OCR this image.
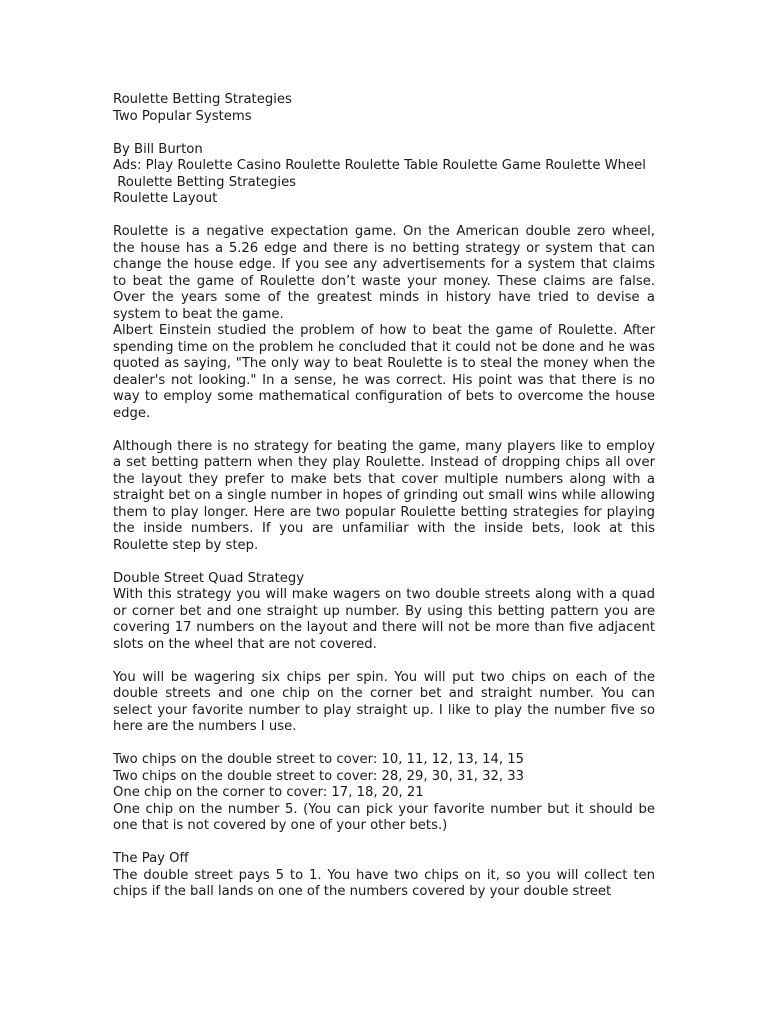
Roulette Betting Strategies
Two Popular Systems
By Bill Burton

Ads: Play Roulette Casino Roulette Roulette Table Roulette Game Roulette Wheel

Roulette Betting Strategies
Roulette Layout

Roulette is a negative expectation game. On the American double zero wheel, the house has a 5.26 edge and there is no betting strategy or system that can change the house edge. If you see any advertisements for a system that claims to beat the game of Roulette don’t waste your money. These claims are false. Over the years some of the greatest minds in history have tried to devise a system to beat the game.

Albert Einstein studied the problem of how to beat the game of Roulette. After spending time on the problem he concluded that it could not be done and he was quoted as saying, "The only way to beat Roulette is to steal the money when the dealer's not looking." In a sense, he was correct. His point was that there is no way to employ some mathematical configuration of bets to overcome the house edge.

Although there is no strategy for beating the game, many players like to employ a set betting pattern when they play Roulette. Instead of dropping chips all over the layout they prefer to make bets that cover multiple numbers along with a straight bet on a single number in hopes of grinding out small wins while allowing them to play longer. Here are two popular Roulette betting strategies for playing the inside numbers. If you are unfamiliar with the inside bets, look at this Roulette step by step.

Double Street Quad Strategy

With this strategy you will make wagers on two double streets along with a quad or corner bet and one straight up number. By using this betting pattern you are covering 17 numbers on the layout and there will not be more than five adjacent slots on the wheel that are not covered.

You will be wagering six chips per spin. You will put two chips on each of the double streets and one chip on the corner bet and straight number. You can select your favorite number to play straight up. I like to play the number five so here are the numbers I use.

Two chips on the double street to cover: 10, 11, 12, 13, 14, 15
Two chips on the double street to cover: 28, 29, 30, 31, 32, 33
One chip on the corner to cover: 17, 18, 20, 21

One chip on the number 5. (You can pick your favorite number but it should be one that is not covered by one of your other bets.)

The Pay Off

The double street pays 5 to 1. You have two chips on it, so you will collect ten chips if the ball lands on one of the numbers covered by your double street
